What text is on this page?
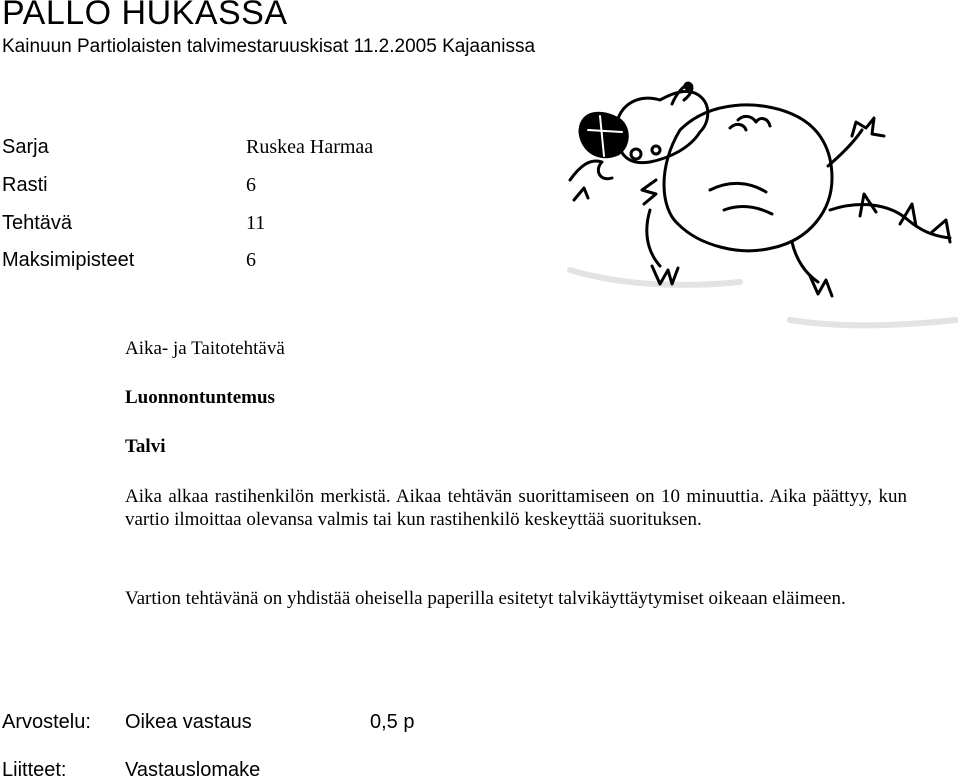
PALLO HUKASSA
Kainuun Partiolaisten talvimestaruuskisat 11.2.2005 Kajaanissa
Sarja	Ruskea Harmaa
Rasti	6
Tehtävä	11
Maksimipisteet	6
Aika- ja Taitotehtävä
Luonnontuntemus
Talvi
Aika alkaa rastihenkilön merkistä. Aikaa tehtävän suorittamiseen on 10 minuuttia. Aika päättyy, kun vartio ilmoittaa olevansa valmis tai kun rastihenkilö keskeyttää suorituksen.
Vartion tehtävänä on yhdistää oheisella paperilla esitetyt talvikäyttäytymiset oikeaan eläimeen.
Arvostelu: Oikea vastaus	0,5 p
Liitteet:	Vastauslomake
